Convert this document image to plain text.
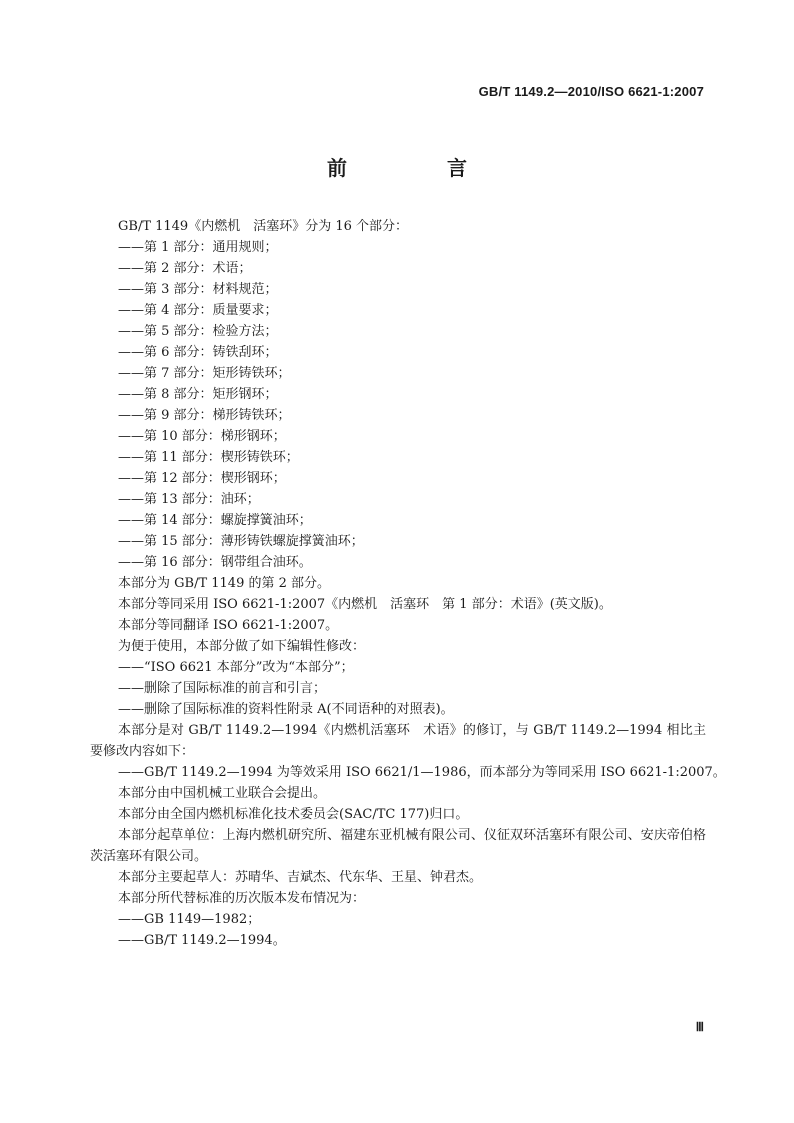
GB/T 1149.2—2010/ISO 6621-1:2007
前　言

GB/T 1149《内燃机　活塞环》分为 16 个部分：

——第 1 部分：通用规则；

——第 2 部分：术语；

——第 3 部分：材料规范；

——第 4 部分：质量要求；

——第 5 部分：检验方法；

——第 6 部分：铸铁刮环；

——第 7 部分：矩形铸铁环；

——第 8 部分：矩形钢环；

——第 9 部分：梯形铸铁环；

——第 10 部分：梯形钢环；

——第 11 部分：楔形铸铁环；

——第 12 部分：楔形钢环；

——第 13 部分：油环；

——第 14 部分：螺旋撑簧油环；

——第 15 部分：薄形铸铁螺旋撑簧油环；

——第 16 部分：钢带组合油环。

本部分为 GB/T 1149 的第 2 部分。

本部分等同采用 ISO 6621-1:2007《内燃机　活塞环　第 1 部分：术语》(英文版)。

本部分等同翻译 ISO 6621-1:2007。

为便于使用，本部分做了如下编辑性修改：

——“ISO 6621 本部分”改为“本部分”；

——删除了国际标准的前言和引言；

——删除了国际标准的资料性附录 A(不同语种的对照表)。

本部分是对 GB/T 1149.2—1994《内燃机活塞环　术语》的修订，与 GB/T 1149.2—1994 相比主要修改内容如下：

——GB/T 1149.2—1994 为等效采用 ISO 6621/1—1986，而本部分为等同采用 ISO 6621-1:2007。

本部分由中国机械工业联合会提出。

本部分由全国内燃机标准化技术委员会(SAC/TC 177)归口。

本部分起草单位：上海内燃机研究所、福建东亚机械有限公司、仪征双环活塞环有限公司、安庆帝伯格茨活塞环有限公司。

本部分主要起草人：苏晴华、吉斌杰、代东华、王星、钟君杰。

本部分所代替标准的历次版本发布情况为：

——GB 1149—1982；

——GB/T 1149.2—1994。

Ⅲ
